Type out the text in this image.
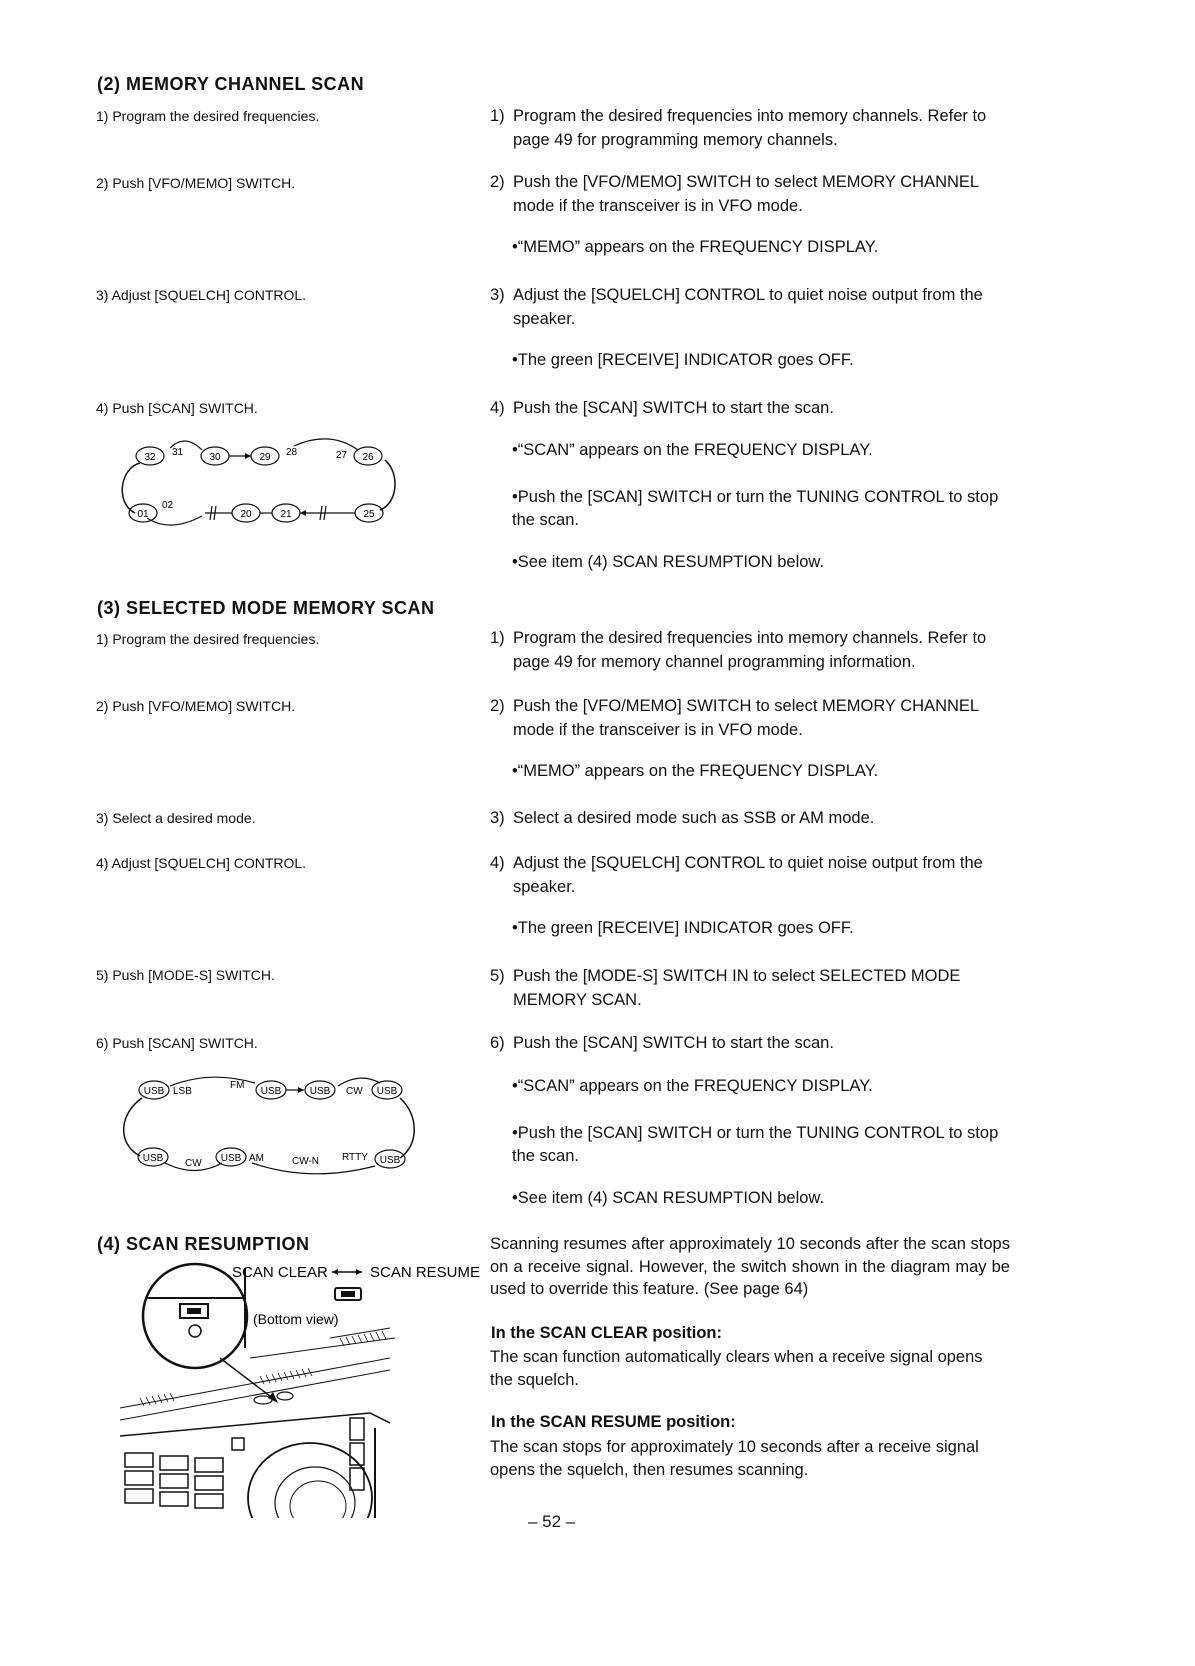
(2) MEMORY CHANNEL SCAN
1) Program the desired frequencies.
2) Push [VFO/MEMO] SWITCH.
3) Adjust [SQUELCH] CONTROL.
4) Push [SCAN] SWITCH.
1) Program the desired frequencies into memory channels. Refer to page 49 for programming memory channels.
2) Push the [VFO/MEMO] SWITCH to select MEMORY CHANNEL mode if the transceiver is in VFO mode.
•“MEMO” appears on the FREQUENCY DISPLAY.
3) Adjust the [SQUELCH] CONTROL to quiet noise output from the speaker.
•The green [RECEIVE] INDICATOR goes OFF.
4) Push the [SCAN] SWITCH to start the scan.
•“SCAN” appears on the FREQUENCY DISPLAY.
•Push the [SCAN] SWITCH or turn the TUNING CONTROL to stop the scan.
•See item (4) SCAN RESUMPTION below.
32 31	30	29 28	27 26
01
02
20	21	25
(3) SELECTED MODE MEMORY SCAN
1) Program the desired frequencies.
2) Push [VFO/MEMO] SWITCH.
3) Select a desired mode.
4) Adjust [SQUELCH] CONTROL.
5) Push [MODE-S] SWITCH.
6) Push [SCAN] SWITCH.
1) Program the desired frequencies into memory channels. Refer to page 49 for memory channel programming information.
2) Push the [VFO/MEMO] SWITCH to select MEMORY CHANNEL mode if the transceiver is in VFO mode.
•“MEMO” appears on the FREQUENCY DISPLAY.
3) Select a desired mode such as SSB or AM mode.
4) Adjust the [SQUELCH] CONTROL to quiet noise output from the speaker.
•The green [RECEIVE] INDICATOR goes OFF.
5) Push the [MODE-S] SWITCH IN to select SELECTED MODE MEMORY SCAN.
6) Push the [SCAN] SWITCH to start the scan.
•“SCAN” appears on the FREQUENCY DISPLAY.
•Push the [SCAN] SWITCH or turn the TUNING CONTROL to stop the scan.
•See item (4) SCAN RESUMPTION below.
USB LSB
FM
USB	USB CW USB
USB CW USB AM	CW-N RTTY USB
(4) SCAN RESUMPTION
SCAN CLEAR	SCAN RESUME
(Bottom view)
Scanning resumes after approximately 10 seconds after the scan stops on a receive signal. However, the switch shown in the diagram may be used to override this feature. (See page 64)
In the SCAN CLEAR position:
The scan function automatically clears when a receive signal opens the squelch.
In the SCAN RESUME position:
The scan stops for approximately 10 seconds after a receive signal opens the squelch, then resumes scanning.
– 52 –
